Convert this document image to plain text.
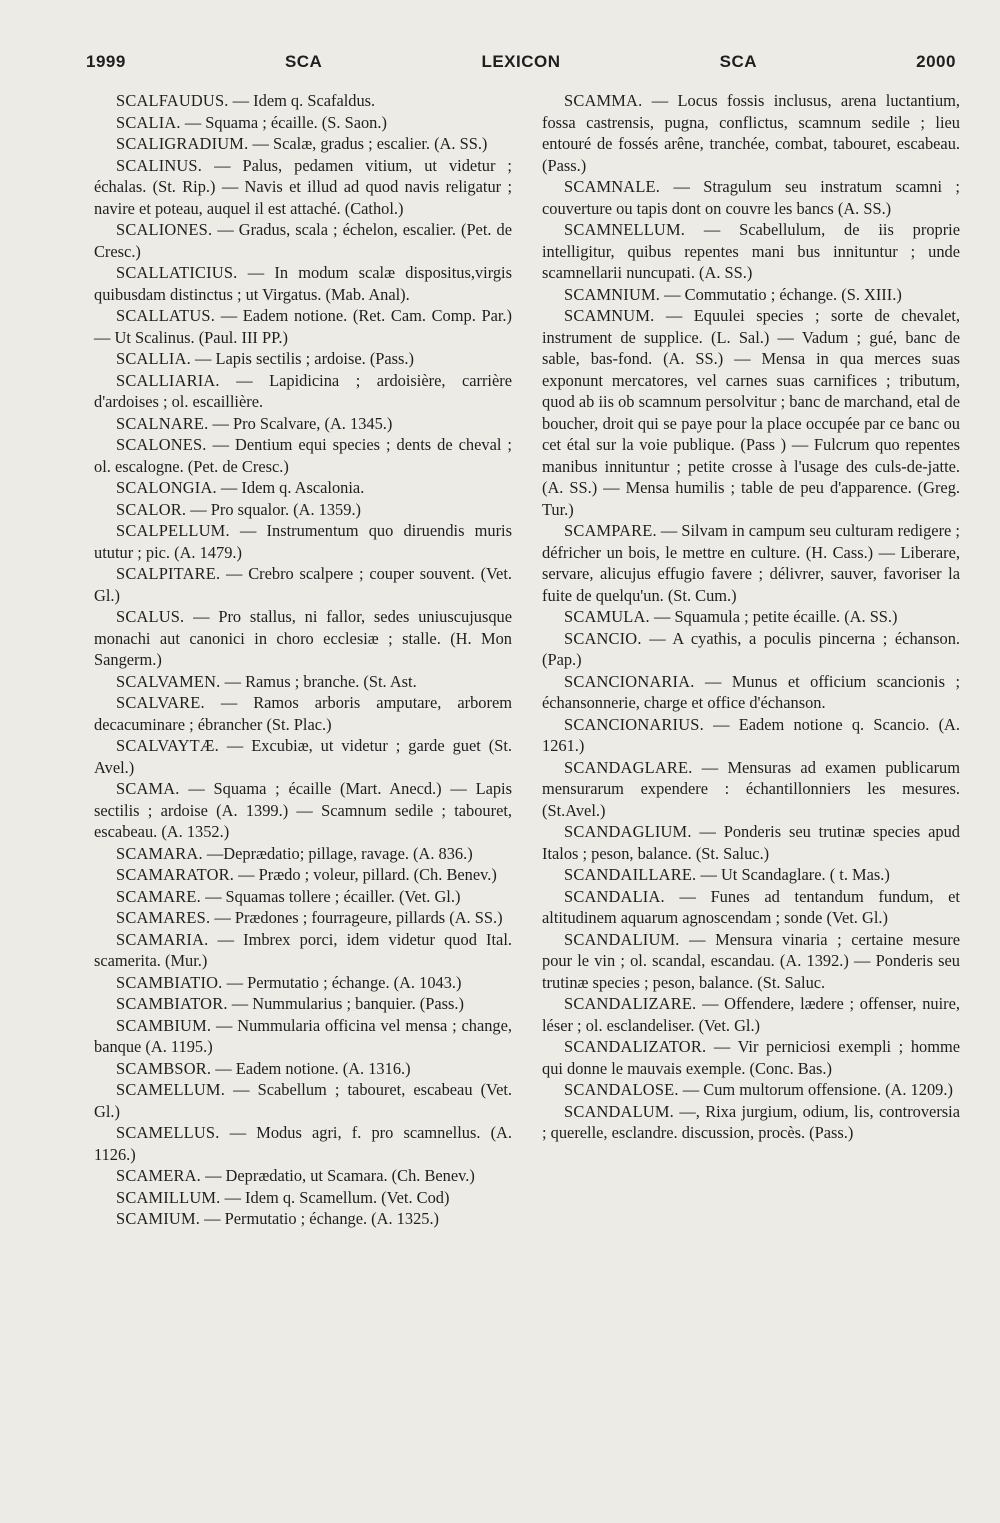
1999	SCA	LEXICON	SCA	2000

SCALFAUDUS. — Idem q. Scafaldus.

SCALIA. — Squama ; écaille. (S. Saon.)

SCALIGRADIUM. — Scalæ, gradus ; escalier. (A. SS.)

SCALINUS. — Palus, pedamen vitium, ut videtur ; échalas. (St. Rip.) — Navis et illud ad quod navis religatur ; navire et poteau, auquel il est attaché. (Cathol.)

SCALIONES. — Gradus, scala ; échelon, escalier. (Pet. de Cresc.)

SCALLATICIUS. — In modum scalæ dispositus,virgis quibusdam distinctus ; ut Virgatus. (Mab. Anal).

SCALLATUS. — Eadem notione. (Ret. Cam. Comp. Par.) — Ut Scalinus. (Paul. III PP.)

SCALLIA. — Lapis sectilis ; ardoise. (Pass.)

SCALLIARIA. — Lapidicina ; ardoisière, carrière d'ardoises ; ol. escaillière.

SCALNARE. — Pro Scalvare, (A. 1345.)

SCALONES. — Dentium equi species ; dents de cheval ; ol. escalogne. (Pet. de Cresc.)

SCALONGIA. — Idem q. Ascalonia.

SCALOR. — Pro squalor. (A. 1359.)

SCALPELLUM. — Instrumentum quo diruendis muris ututur ; pic. (A. 1479.)

SCALPITARE. — Crebro scalpere ; couper souvent. (Vet. Gl.)

SCALUS. — Pro stallus, ni fallor, sedes uniuscujusque monachi aut canonici in choro ecclesiæ ; stalle. (H. Mon Sangerm.)

SCALVAMEN. — Ramus ; branche. (St. Ast.

SCALVARE. — Ramos arboris amputare, arborem decacuminare ; ébrancher (St. Plac.)

SCALVAYTÆ. — Excubiæ, ut videtur ; garde guet (St. Avel.)

SCAMA. — Squama ; écaille (Mart. Anecd.) — Lapis sectilis ; ardoise (A. 1399.) — Scamnum sedile ; tabouret, escabeau. (A. 1352.)

SCAMARA. —Deprædatio; pillage, ravage. (A. 836.)

SCAMARATOR. — Prædo ; voleur, pillard. (Ch. Benev.)

SCAMARE. — Squamas tollere ; écailler. (Vet. Gl.)

SCAMARES. — Prædones ; fourrageure, pillards (A. SS.)

SCAMARIA. — Imbrex porci, idem videtur quod Ital. scamerita. (Mur.)

SCAMBIATIO. — Permutatio ; échange. (A. 1043.)

SCAMBIATOR. — Nummularius ; banquier. (Pass.)

SCAMBIUM. — Nummularia officina vel mensa ; change, banque (A. 1195.)

SCAMBSOR. — Eadem notione. (A. 1316.)

SCAMELLUM. — Scabellum ; tabouret, escabeau (Vet. Gl.)

SCAMELLUS. — Modus agri, f. pro scamnellus. (A. 1126.)

SCAMERA. — Deprædatio, ut Scamara. (Ch. Benev.)

SCAMILLUM. — Idem q. Scamellum. (Vet. Cod)

SCAMIUM. — Permutatio ; échange. (A. 1325.)

SCAMMA. — Locus fossis inclusus, arena luctantium, fossa castrensis, pugna, conflictus, scamnum sedile ; lieu entouré de fossés arêne, tranchée, combat, tabouret, escabeau. (Pass.)

SCAMNALE. — Stragulum seu instratum scamni ; couverture ou tapis dont on couvre les bancs (A. SS.)

SCAMNELLUM. — Scabellulum, de iis proprie intelligitur, quibus repentes mani bus innituntur ; unde scamnellarii nuncupati. (A. SS.)

SCAMNIUM. — Commutatio ; échange. (S. XIII.)

SCAMNUM. — Equulei species ; sorte de chevalet, instrument de supplice. (L. Sal.) — Vadum ; gué, banc de sable, bas-fond. (A. SS.) — Mensa in qua merces suas exponunt mercatores, vel carnes suas carnifices ; tributum, quod ab iis ob scamnum persolvitur ; banc de marchand, etal de boucher, droit qui se paye pour la place occupée par ce banc ou cet étal sur la voie publique. (Pass ) — Fulcrum quo repentes manibus innituntur ; petite crosse à l'usage des culs-de-jatte. (A. SS.) — Mensa humilis ; table de peu d'apparence. (Greg. Tur.)

SCAMPARE. — Silvam in campum seu culturam redigere ; défricher un bois, le mettre en culture. (H. Cass.) — Liberare, servare, alicujus effugio favere ; délivrer, sauver, favoriser la fuite de quelqu'un. (St. Cum.)

SCAMULA. — Squamula ; petite écaille. (A. SS.)

SCANCIO. — A cyathis, a poculis pincerna ; échanson. (Pap.)

SCANCIONARIA. — Munus et officium scancionis ; échansonnerie, charge et office d'échanson.

SCANCIONARIUS. — Eadem notione q. Scancio. (A. 1261.)

SCANDAGLARE. — Mensuras ad examen publicarum mensurarum expendere : échantillonniers les mesures.(St.Avel.)

SCANDAGLIUM. — Ponderis seu trutinæ species apud Italos ; peson, balance. (St. Saluc.)

SCANDAILLARE. — Ut Scandaglare. ( t. Mas.)

SCANDALIA. — Funes ad tentandum fundum, et altitudinem aquarum agnoscendam ; sonde (Vet. Gl.)

SCANDALIUM. — Mensura vinaria ; certaine mesure pour le vin ; ol. scandal, escandau. (A. 1392.) — Ponderis seu trutinæ species ; peson, balance. (St. Saluc.

SCANDALIZARE. — Offendere, lædere ; offenser, nuire, léser ; ol. esclandeliser. (Vet. Gl.)

SCANDALIZATOR. — Vir perniciosi exempli ; homme qui donne le mauvais exemple. (Conc. Bas.)

SCANDALOSE. — Cum multorum offensione. (A. 1209.)

SCANDALUM. —, Rixa jurgium, odium, lis, controversia ; querelle, esclandre. discussion, procès. (Pass.)
